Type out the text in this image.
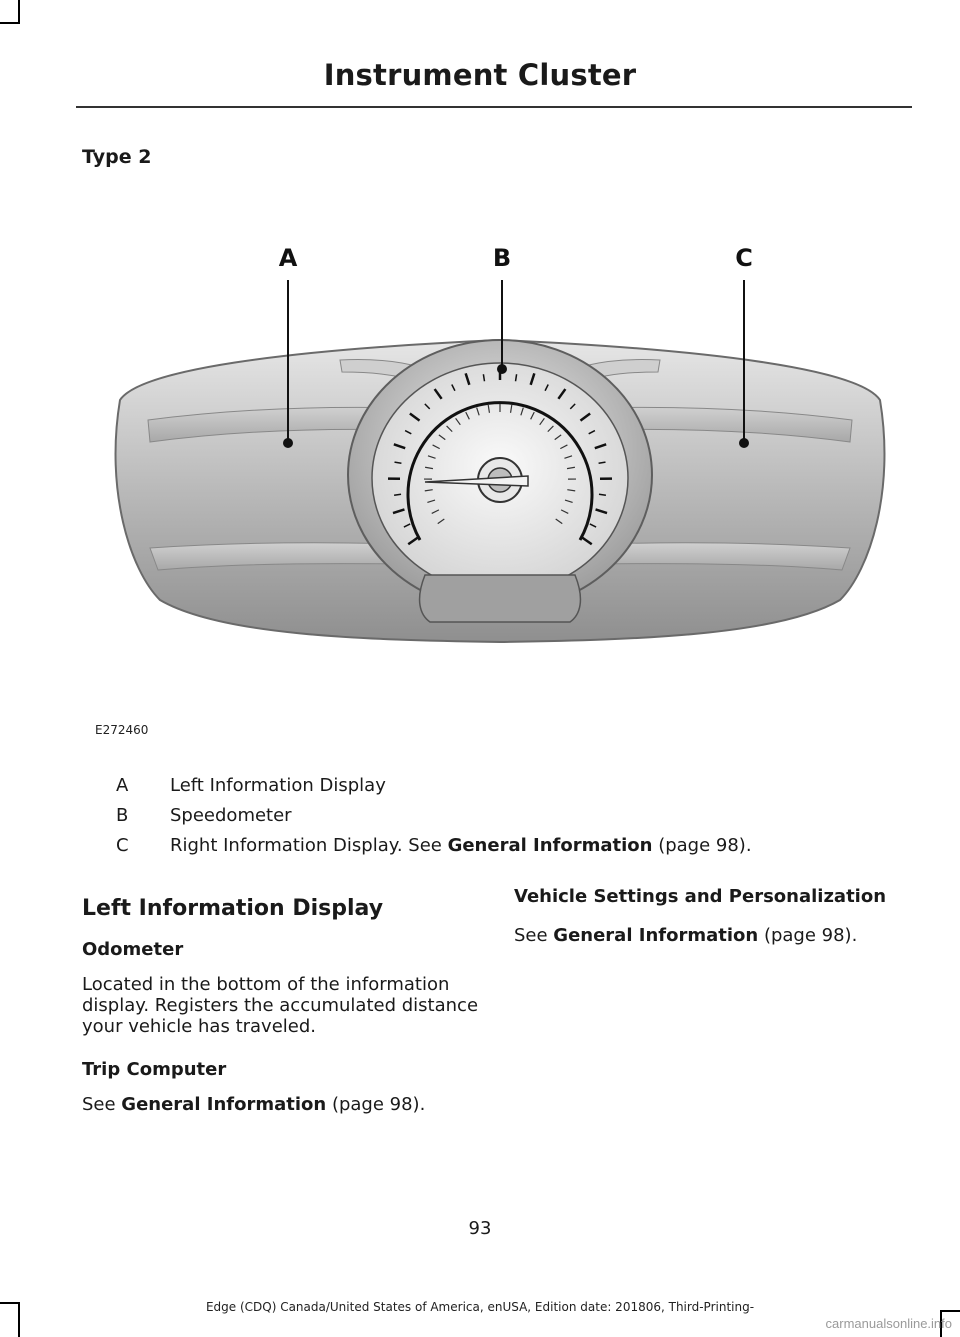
Instrument Cluster
Type 2
A	B	C
E272460
A Left Information Display
B Speedometer
C Right Information Display. See General Information (page 98).
Left Information Display
Odometer

Located in the bottom of the information display. Registers the accumulated distance your vehicle has traveled.

Trip Computer

See General Information (page 98).

Vehicle Settings and Personalization

See General Information (page 98).

93
Edge (CDQ) Canada/United States of America, enUSA, Edition date: 201806, Third-Printing-
carmanualsonline.info
